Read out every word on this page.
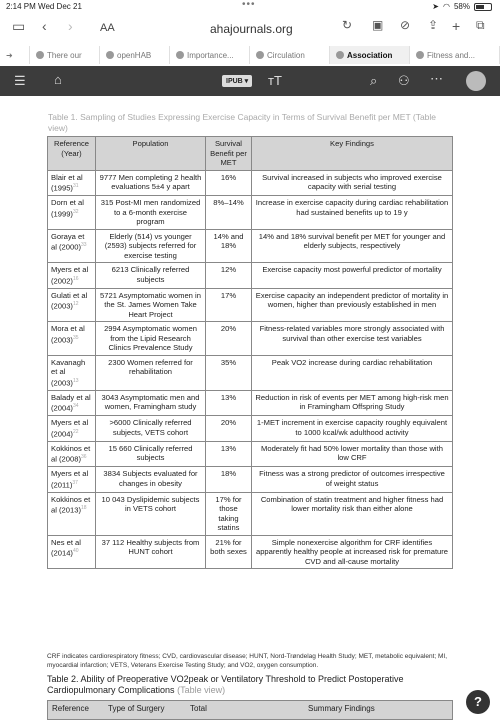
2:14 PM Wed Dec 21	•••	➤ ◠ 58%
▭ ‹ › AA	ahajournals.org	↻ ▣ ⊘ ⇪ + ⧉
➜	There our	openHAB	Importance...	Circulation	Association	Fitness and...
☰ ⌂	IPUB ▾	тT	⌕ ⚇ ⋯
Table 1. Sampling of Studies Expressing Exercise Capacity in Terms of Survival Benefit per MET (Table view)
Reference (Year)	Population	Survival Benefit per MET	Key Findings
Blair et al $(1995)^{31}$	9777 Men completing 2 health evaluations 5±4 y apart	16%	Survival increased in subjects who improved exercise capacity with serial testing
Dorn et al $(1999)^{32}$	315 Post-MI men randomized to a 6-month exercise program	8%–14%	Increase in exercise capacity during cardiac rehabilitation had sustained benefits up to 19 y
Goraya et al $(2000)^{33}$	Elderly (514) vs younger (2593) subjects referred for exercise testing	14% and 18%	14% and 18% survival benefit per MET for younger and elderly subjects, respectively
Myers et al $(2002)^{16}$	6213 Clinically referred subjects	12%	Exercise capacity most powerful predictor of mortality
Gulati et al $(2003)^{12}$	5721 Asymptomatic women in the St. James Women Take Heart Project	17%	Exercise capacity an independent predictor of mortality in women, higher than previously established in men
Mora et al $(2003)^{35}$	2994 Asymptomatic women from the Lipid Research Clinics Prevalence Study	20%	Fitness-related variables more strongly associated with survival than other exercise test variables
Kavanagh et al $(2003)^{13}$	2300 Women referred for rehabilitation	35%	Peak VO2 increase during cardiac rehabilitation
Balady et al $(2004)^{34}$	3043 Asymptomatic men and women, Framingham study	13%	Reduction in risk of events per MET among high-risk men in Framingham Offspring Study
Myers et al $(2004)^{22}$	>6000 Clinically referred subjects, VETS cohort	20%	1-MET increment in exercise capacity roughly equivalent to 1000 kcal/wk adulthood activity
Kokkinos et al $(2008)^{36}$	15 660 Clinically referred subjects	13%	Moderately fit had 50% lower mortality than those with low CRF
Myers et al $(2011)^{37}$	3834 Subjects evaluated for changes in obesity	18%	Fitness was a strong predictor of outcomes irrespective of weight status
Kokkinos et al $(2013)^{18}$	10 043 Dyslipidemic subjects in VETS cohort	17% for those taking statins	Combination of statin treatment and higher fitness had lower mortality risk than either alone
Nes et al $(2014)^{40}$	37 112 Healthy subjects from HUNT cohort	21% for both sexes	Simple nonexercise algorithm for CRF identifies apparently healthy people at increased risk for premature CVD and all-cause mortality
CRF indicates cardiorespiratory fitness; CVD, cardiovascular disease; HUNT, Nord-Trøndelag Health Study; MET, metabolic equivalent; MI, myocardial infarction; VETS, Veterans Exercise Testing Study; and VO2, oxygen consumption.
Table 2. Ability of Preoperative VO2peak or Ventilatory Threshold to Predict Postoperative Cardiopulmonary Complications (Table view)
Reference Type of Surgery	Total	Summary Findings	?
